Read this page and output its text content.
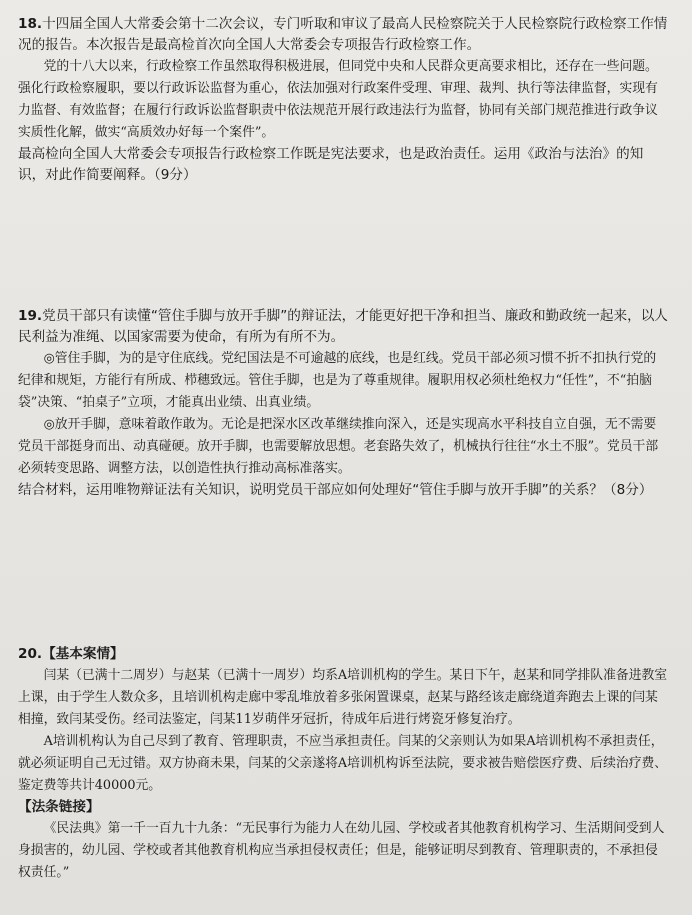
18.十四届全国人大常委会第十二次会议，专门听取和审议了最高人民检察院关于人民检察院行政检察工作情况的报告。本次报告是最高检首次向全国人大常委会专项报告行政检察工作。

党的十八大以来，行政检察工作虽然取得积极进展，但同党中央和人民群众更高要求相比，还存在一些问题。强化行政检察履职，要以行政诉讼监督为重心，依法加强对行政案件受理、审理、裁判、执行等法律监督，实现有力监督、有效监督；在履行行政诉讼监督职责中依法规范开展行政违法行为监督，协同有关部门规范推进行政争议实质性化解，做实“高质效办好每一个案件”。

最高检向全国人大常委会专项报告行政检察工作既是宪法要求，也是政治责任。运用《政治与法治》的知识，对此作简要阐释。（9分）

19.党员干部只有读懂“管住手脚与放开手脚”的辩证法，才能更好把干净和担当、廉政和勤政统一起来，以人民利益为准绳、以国家需要为使命，有所为有所不为。

◎管住手脚，为的是守住底线。党纪国法是不可逾越的底线，也是红线。党员干部必须习惯不折不扣执行党的纪律和规矩，方能行有所成、栉穗致远。管住手脚，也是为了尊重规律。履职用权必须杜绝权力“任性”，不“拍脑袋”决策、“拍桌子”立项，才能真出业绩、出真业绩。

◎放开手脚，意味着敢作敢为。无论是把深水区改革继续推向深入，还是实现高水平科技自立自强，无不需要党员干部挺身而出、动真碰硬。放开手脚，也需要解放思想。老套路失效了，机械执行往往“水土不服”。党员干部必须转变思路、调整方法，以创造性执行推动高标准落实。

结合材料，运用唯物辩证法有关知识，说明党员干部应如何处理好“管住手脚与放开手脚”的关系？（8分）

20.【基本案情】

闫某（已满十二周岁）与赵某（已满十一周岁）均系A培训机构的学生。某日下午，赵某和同学排队准备进教室上课，由于学生人数众多，且培训机构走廊中零乱堆放着多张闲置课桌，赵某与路经该走廊绕道奔跑去上课的闫某相撞，致闫某受伤。经司法鉴定，闫某11岁萌伴牙冠折，待成年后进行烤瓷牙修复治疗。

A培训机构认为自己尽到了教育、管理职责，不应当承担责任。闫某的父亲则认为如果A培训机构不承担责任，就必须证明自己无过错。双方协商未果，闫某的父亲遂将A培训机构诉至法院，要求被告赔偿医疗费、后续治疗费、鉴定费等共计40000元。

【法条链接】

《民法典》第一千一百九十九条：“无民事行为能力人在幼儿园、学校或者其他教育机构学习、生活期间受到人身损害的，幼儿园、学校或者其他教育机构应当承担侵权责任；但是，能够证明尽到教育、管理职责的，不承担侵权责任。”
